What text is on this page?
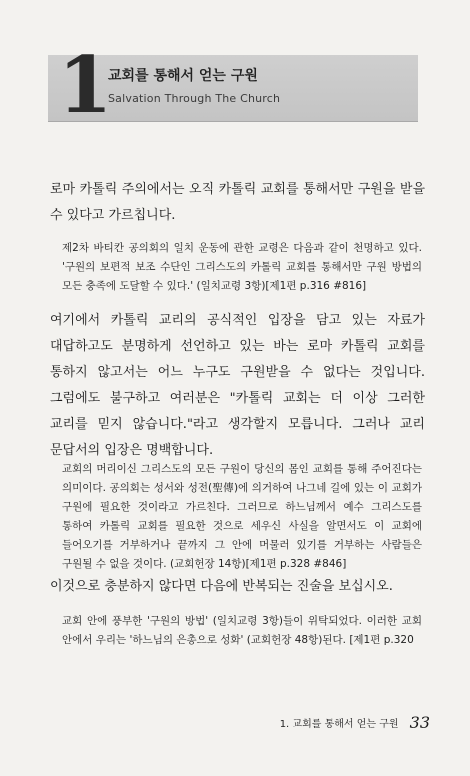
1
교회를 통해서 얻는 구원
Salvation Through The Church

로마 카톨릭 주의에서는 오직 카톨릭 교회를 통해서만 구원을 받을 수 있다고 가르칩니다.

제2차 바티칸 공의회의 일치 운동에 관한 교령은 다음과 같이 천명하고 있다. '구원의 보편적 보조 수단인 그리스도의 카톨릭 교회를 통해서만 구원 방법의 모든 충족에 도달할 수 있다.' (일치교령 3항)[제1편 p.316 #816]

여기에서 카톨릭 교리의 공식적인 입장을 담고 있는 자료가 대답하고도 분명하게 선언하고 있는 바는 로마 카톨릭 교회를 통하지 않고서는 어느 누구도 구원받을 수 없다는 것입니다. 그럼에도 불구하고 여러분은 "카톨릭 교회는 더 이상 그러한 교리를 믿지 않습니다."라고 생각할지 모릅니다. 그러나 교리 문답서의 입장은 명백합니다.

교회의 머리이신 그리스도의 모든 구원이 당신의 몸인 교회를 통해 주어진다는 의미이다. 공의회는 성서와 성전(聖傳)에 의거하여 나그네 길에 있는 이 교회가 구원에 필요한 것이라고 가르친다. 그러므로 하느님께서 예수 그리스도를 통하여 카톨릭 교회를 필요한 것으로 세우신 사실을 알면서도 이 교회에 들어오기를 거부하거나 끝까지 그 안에 머물러 있기를 거부하는 사람들은 구원될 수 없을 것이다. (교회헌장 14항)[제1편 p.328 #846]

이것으로 충분하지 않다면 다음에 반복되는 진술을 보십시오.

교회 안에 풍부한 '구원의 방법' (일치교령 3항)들이 위탁되었다. 이러한 교회 안에서 우리는 '하느님의 은총으로 성화' (교회헌장 48항)된다. [제1편 p.320

1. 교회를 통해서 얻는 구원 33
